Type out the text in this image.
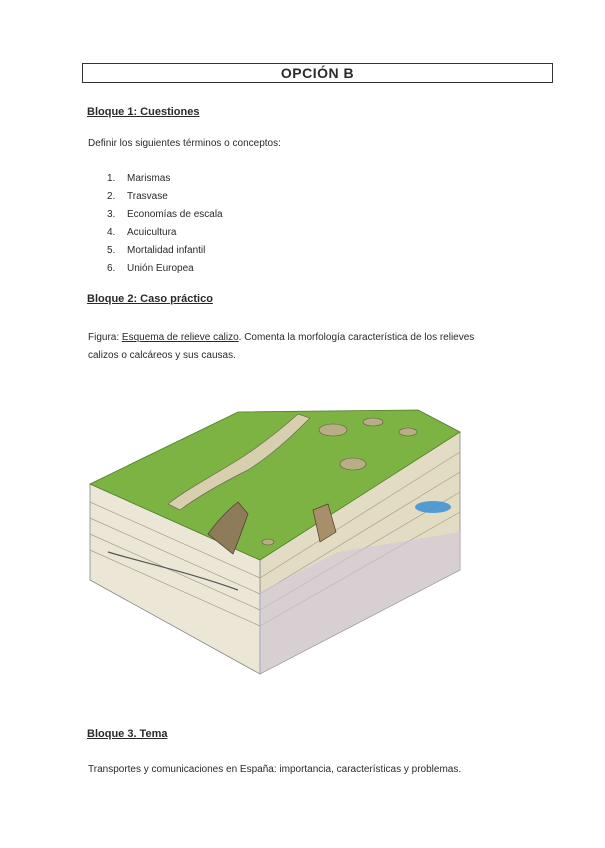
OPCIÓN B
Bloque 1: Cuestiones
Definir los siguientes términos o conceptos:
1. Marismas
2. Trasvase
3. Economías de escala
4. Acuicultura
5. Mortalidad infantil
6. Unión Europea
Bloque 2: Caso práctico
Figura: Esquema de relieve calizo. Comenta la morfología característica de los relieves
calizos o calcáreos y sus causas.
Bloque 3. Tema
Transportes y comunicaciones en España: importancia, características y problemas.
